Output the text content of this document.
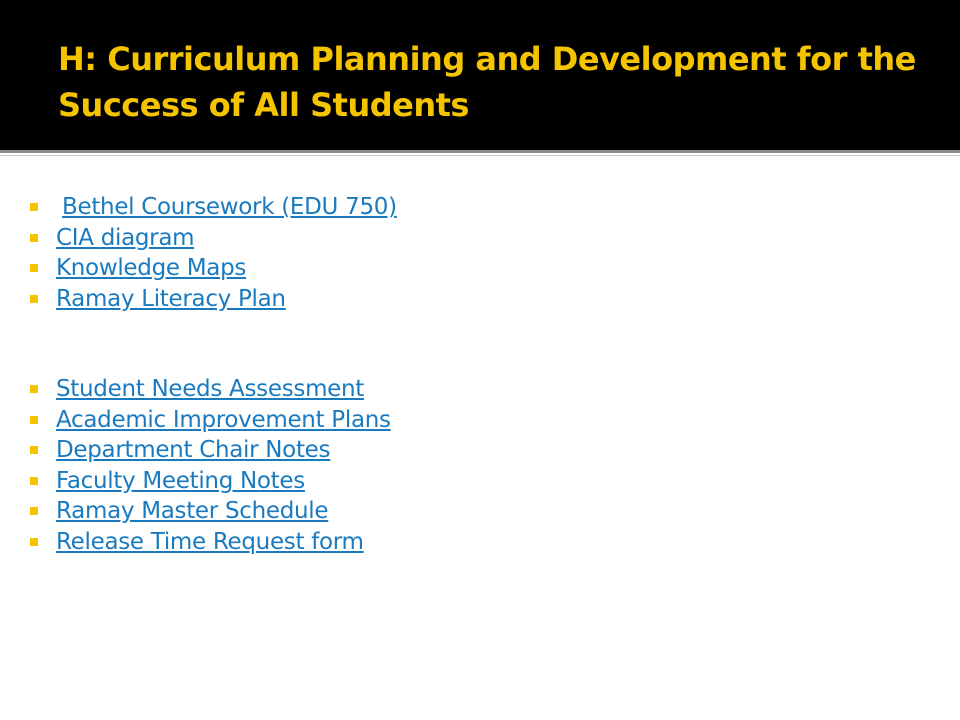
H: Curriculum Planning and Development for the Success of All Students
Bethel Coursework (EDU 750)
CIA diagram
Knowledge Maps
Ramay Literacy Plan
Student Needs Assessment
Academic Improvement Plans
Department Chair Notes
Faculty Meeting Notes
Ramay Master Schedule
Release Time Request form
